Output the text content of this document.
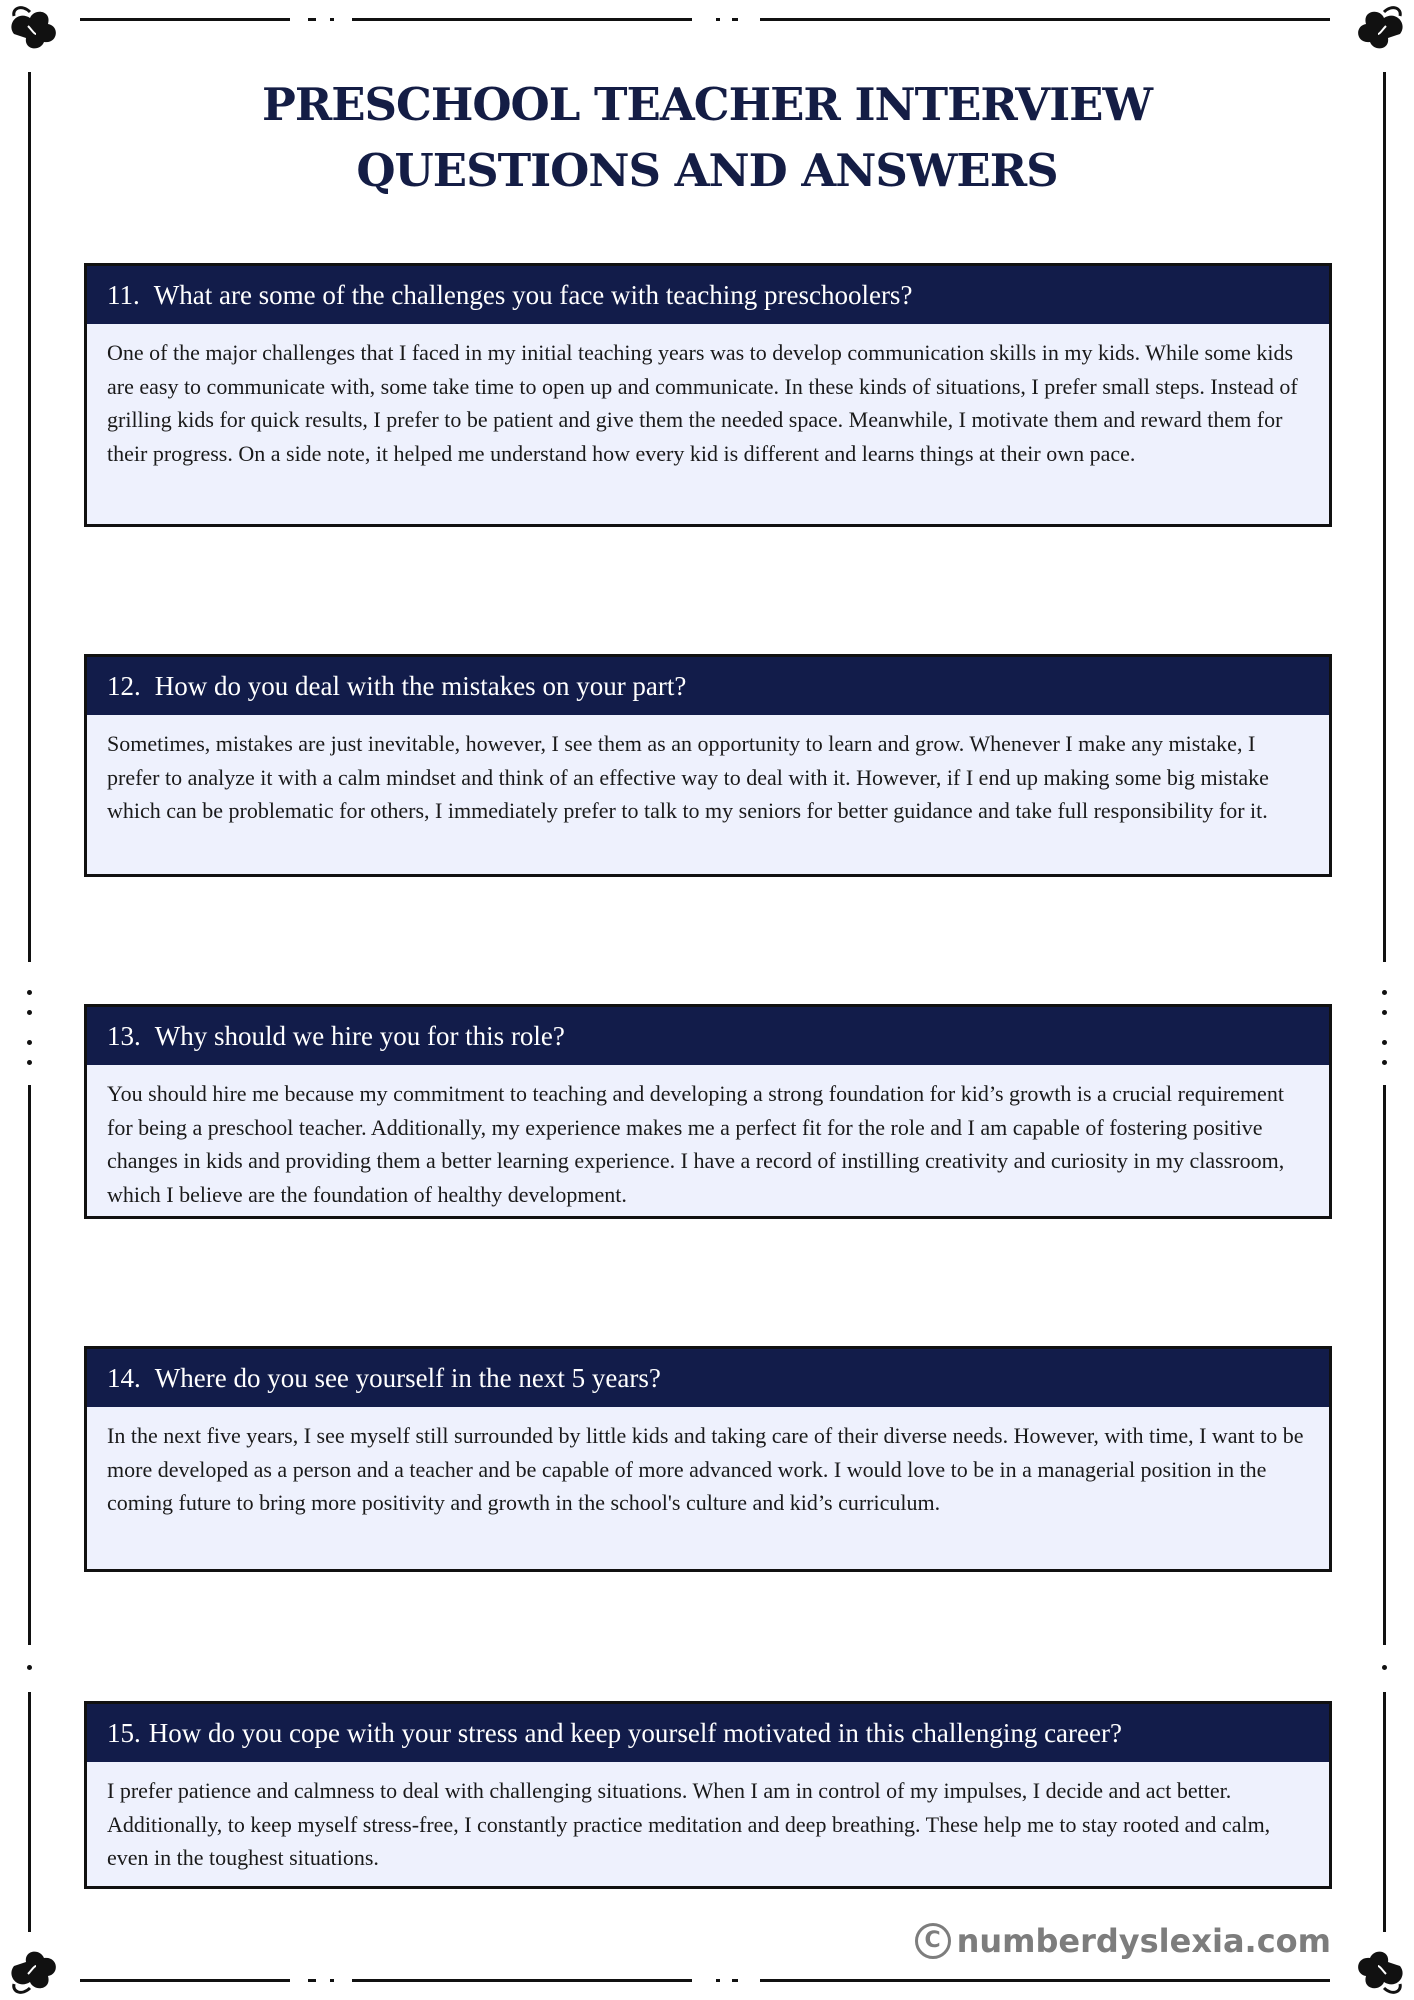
PRESCHOOL TEACHER INTERVIEW
QUESTIONS AND ANSWERS
11. What are some of the challenges you face with teaching preschoolers?
One of the major challenges that I faced in my initial teaching years was to develop communication skills in my kids. While some kids are easy to communicate with, some take time to open up and communicate. In these kinds of situations, I prefer small steps. Instead of grilling kids for quick results, I prefer to be patient and give them the needed space. Meanwhile, I motivate them and reward them for their progress. On a side note, it helped me understand how every kid is different and learns things at their own pace.
12. How do you deal with the mistakes on your part?
Sometimes, mistakes are just inevitable, however, I see them as an opportunity to learn and grow. Whenever I make any mistake, I prefer to analyze it with a calm mindset and think of an effective way to deal with it. However, if I end up making some big mistake which can be problematic for others, I immediately prefer to talk to my seniors for better guidance and take full responsibility for it.
13. Why should we hire you for this role?
You should hire me because my commitment to teaching and developing a strong foundation for kid’s growth is a crucial requirement for being a preschool teacher. Additionally, my experience makes me a perfect fit for the role and I am capable of fostering positive changes in kids and providing them a better learning experience. I have a record of instilling creativity and curiosity in my classroom, which I believe are the foundation of healthy development.
14. Where do you see yourself in the next 5 years?
In the next five years, I see myself still surrounded by little kids and taking care of their diverse needs. However, with time, I want to be more developed as a person and a teacher and be capable of more advanced work. I would love to be in a managerial position in the coming future to bring more positivity and growth in the school's culture and kid’s curriculum.
15. How do you cope with your stress and keep yourself motivated in this challenging career?
I prefer patience and calmness to deal with challenging situations. When I am in control of my impulses, I decide and act better. Additionally, to keep myself stress-free, I constantly practice meditation and deep breathing. These help me to stay rooted and calm, even in the toughest situations.
C numberdyslexia.com
